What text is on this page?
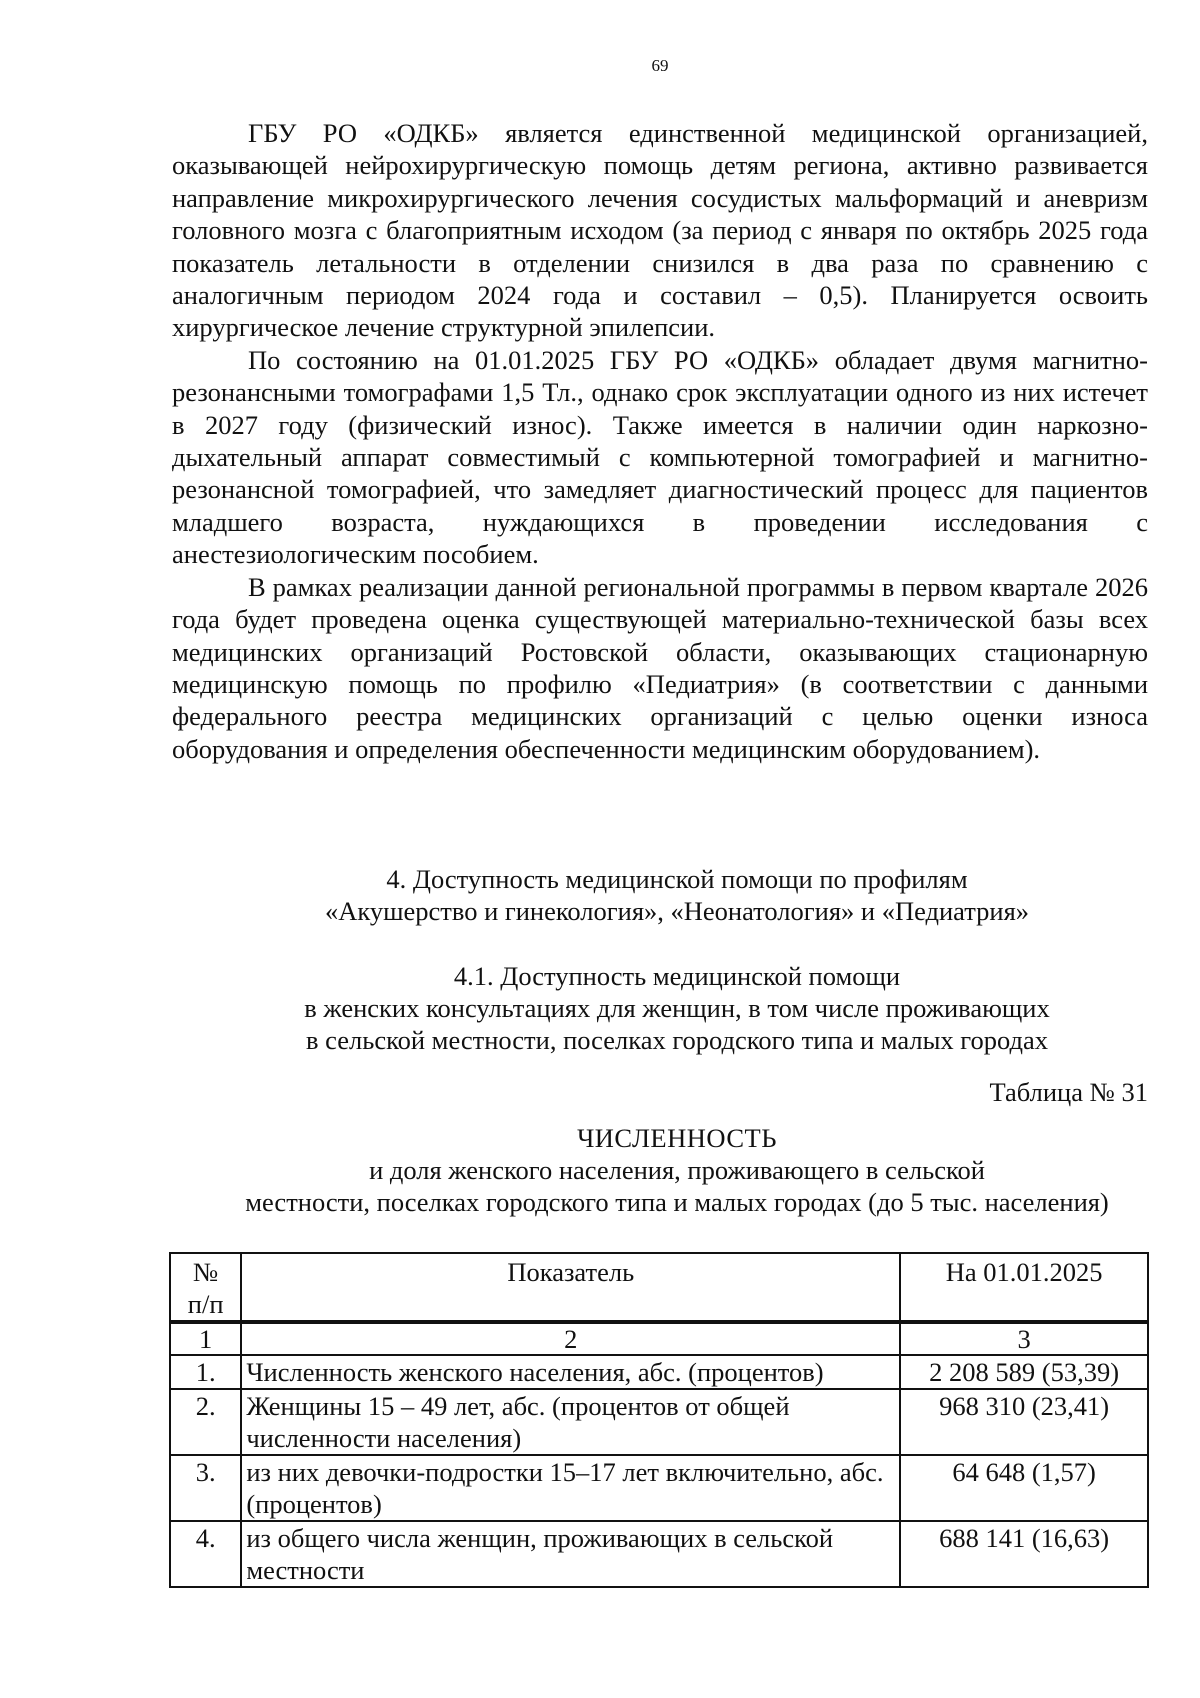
69

ГБУ РО «ОДКБ» является единственной медицинской организацией, оказывающей нейрохирургическую помощь детям региона, активно развивается направление микрохирургического лечения сосудистых мальформаций и аневризм головного мозга с благоприятным исходом (за период с января по октябрь 2025 года показатель летальности в отделении снизился в два раза по сравнению с аналогичным периодом 2024 года и составил – 0,5). Планируется освоить хирургическое лечение структурной эпилепсии.

По состоянию на 01.01.2025 ГБУ РО «ОДКБ» обладает двумя магнитно-резонансными томографами 1,5 Тл., однако срок эксплуатации одного из них истечет в 2027 году (физический износ). Также имеется в наличии один наркозно-дыхательный аппарат совместимый с компьютерной томографией и магнитно-резонансной томографией, что замедляет диагностический процесс для пациентов младшего возраста, нуждающихся в проведении исследования с анестезиологическим пособием.

В рамках реализации данной региональной программы в первом квартале 2026 года будет проведена оценка существующей материально-технической базы всех медицинских организаций Ростовской области, оказывающих стационарную медицинскую помощь по профилю «Педиатрия» (в соответствии с данными федерального реестра медицинских организаций с целью оценки износа оборудования и определения обеспеченности медицинским оборудованием).

4. Доступность медицинской помощи по профилям
«Акушерство и гинекология», «Неонатология» и «Педиатрия»
4.1. Доступность медицинской помощи
в женских консультациях для женщин, в том числе проживающих
в сельской местности, поселках городского типа и малых городах
Таблица № 31
ЧИСЛЕННОСТЬ
и доля женского населения, проживающего в сельской
местности, поселках городского типа и малых городах (до 5 тыс. населения)
№
п/п	Показатель	На 01.01.2025
1	2	3
1.	Численность женского населения, абс. (процентов)	2 208 589 (53,39)
2.	Женщины 15 – 49 лет, абс. (процентов от общей численности населения)	968 310 (23,41)
3.	из них девочки-подростки 15–17 лет включительно, абс. (процентов)	64 648 (1,57)
4.	из общего числа женщин, проживающих в сельской местности	688 141 (16,63)
